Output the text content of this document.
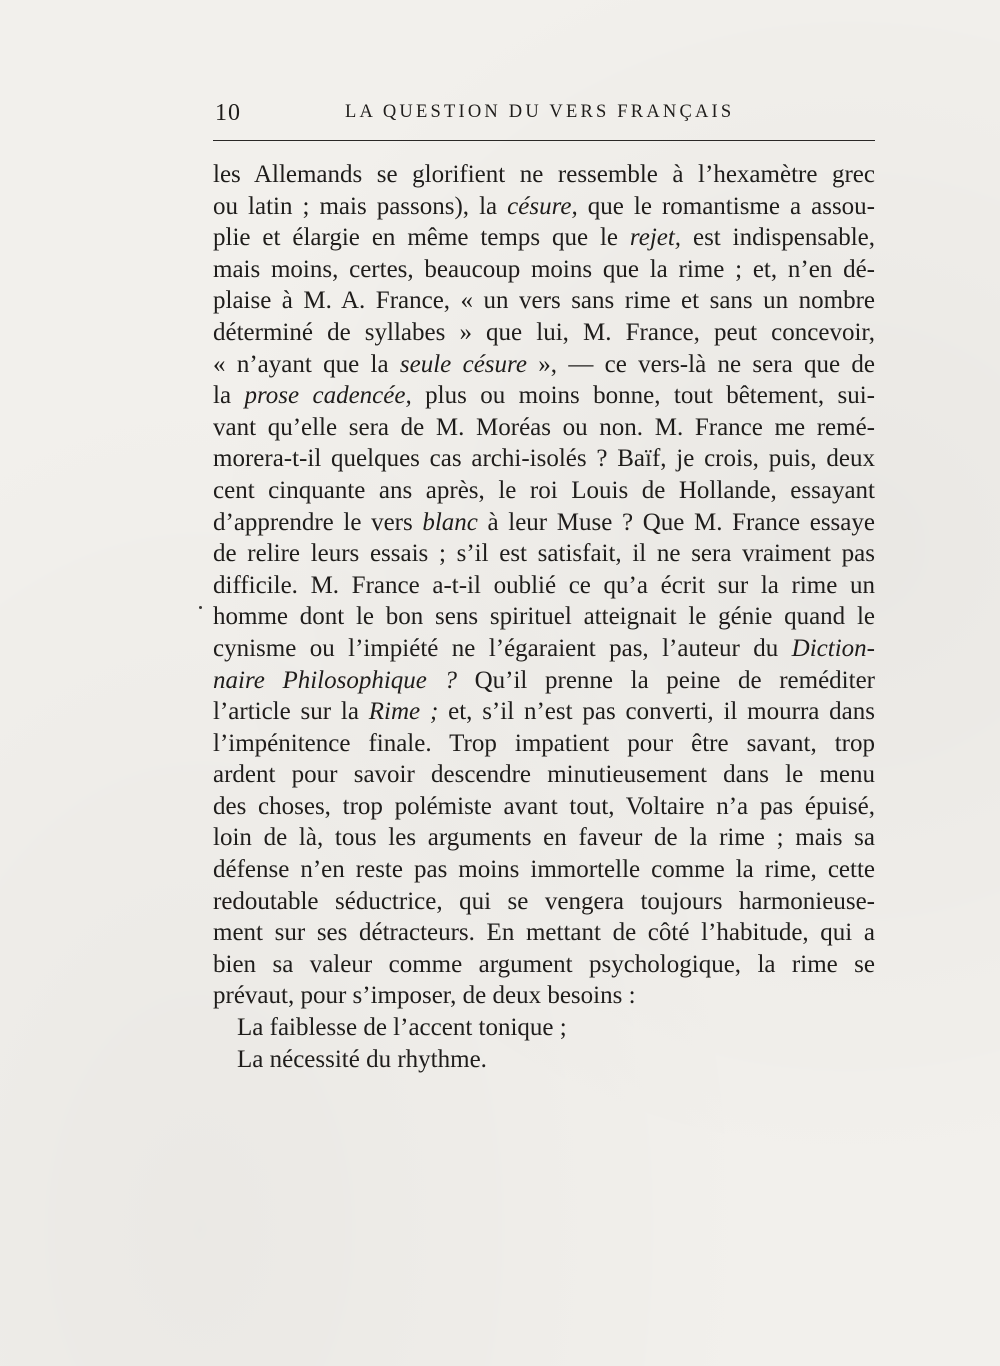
10	LA QUESTION DU VERS FRANÇAIS
les Allemands se glorifient ne ressemble à l’hexamètre grec
ou latin ; mais passons), la césure, que le romantisme a assou-
plie et élargie en même temps que le rejet, est indispensable,
mais moins, certes, beaucoup moins que la rime ; et, n’en dé-
plaise à M. A. France, « un vers sans rime et sans un nombre
déterminé de syllabes » que lui, M. France, peut concevoir,
« n’ayant que la seule césure », — ce vers-là ne sera que de
la prose cadencée, plus ou moins bonne, tout bêtement, sui-
vant qu’elle sera de M. Moréas ou non. M. France me remé-
morera-t-il quelques cas archi-isolés ? Baïf, je crois, puis, deux
cent cinquante ans après, le roi Louis de Hollande, essayant
d’apprendre le vers blanc à leur Muse ? Que M. France essaye
de relire leurs essais ; s’il est satisfait, il ne sera vraiment pas
difficile. M. France a-t-il oublié ce qu’a écrit sur la rime un
homme dont le bon sens spirituel atteignait le génie quand le
cynisme ou l’impiété ne l’égaraient pas, l’auteur du Diction-
naire Philosophique ? Qu’il prenne la peine de reméditer
l’article sur la Rime ; et, s’il n’est pas converti, il mourra dans
l’impénitence finale. Trop impatient pour être savant, trop
ardent pour savoir descendre minutieusement dans le menu
des choses, trop polémiste avant tout, Voltaire n’a pas épuisé,
loin de là, tous les arguments en faveur de la rime ; mais sa
défense n’en reste pas moins immortelle comme la rime, cette
redoutable séductrice, qui se vengera toujours harmonieuse-
ment sur ses détracteurs. En mettant de côté l’habitude, qui a
bien sa valeur comme argument psychologique, la rime se
prévaut, pour s’imposer, de deux besoins :
La faiblesse de l’accent tonique ;
La nécessité du rhythme.
